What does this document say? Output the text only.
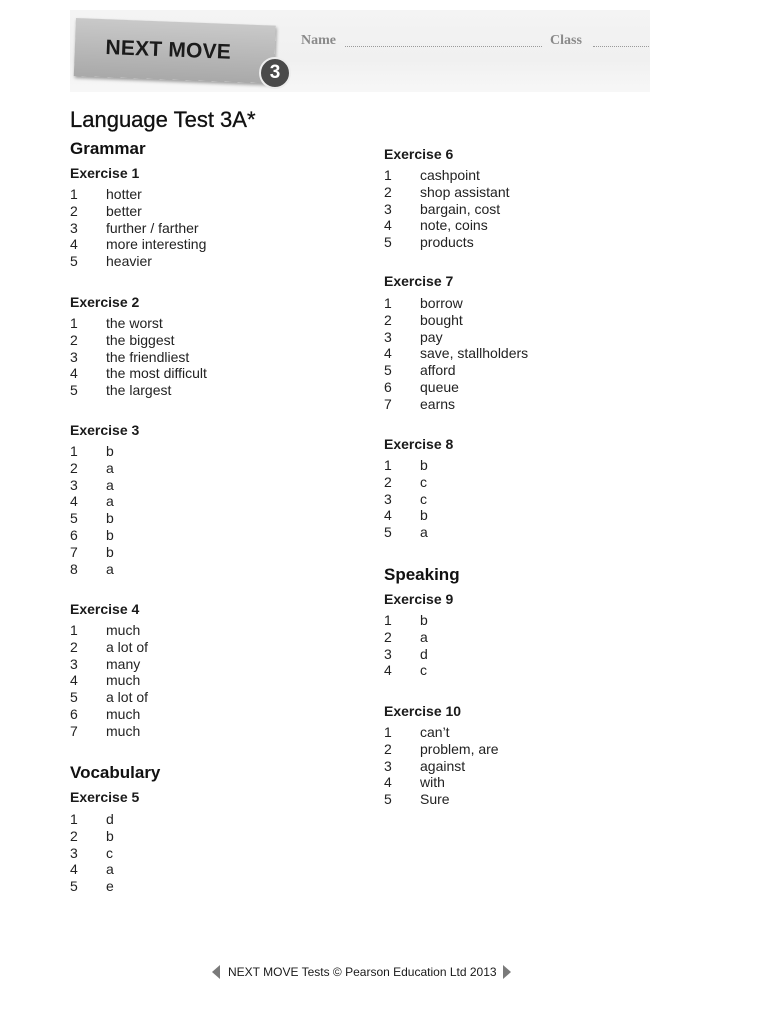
NEXT MOVE
3
Name	Class
Language Test 3A*
Grammar
Vocabulary
Speaking
Exercise 1
Exercise 2
Exercise 3
Exercise 4
Exercise 5
Exercise 6
Exercise 7
Exercise 8
Exercise 9
Exercise 10
1 hotter
2 better
3 further / farther
4 more interesting
5 heavier
1 the worst
2 the biggest
3 the friendliest
4 the most difficult
5 the largest
1 b
2 a
3 a
4 a
5 b
6 b
7 b
8 a
1 much
2 a lot of
3 many
4 much
5 a lot of
6 much
7 much
1 d
2 b
3 c
4 a
5 e
1 cashpoint
2 shop assistant
3 bargain, cost
4 note, coins
5 products
1 borrow
2 bought
3 pay
4 save, stallholders
5 afford
6 queue
7 earns
1 b
2 c
3 c
4 b
5 a
1 b
2 a
3 d
4 c
1 can’t
2 problem, are
3 against
4 with
5 Sure
NEXT MOVE Tests © Pearson Education Ltd 2013
